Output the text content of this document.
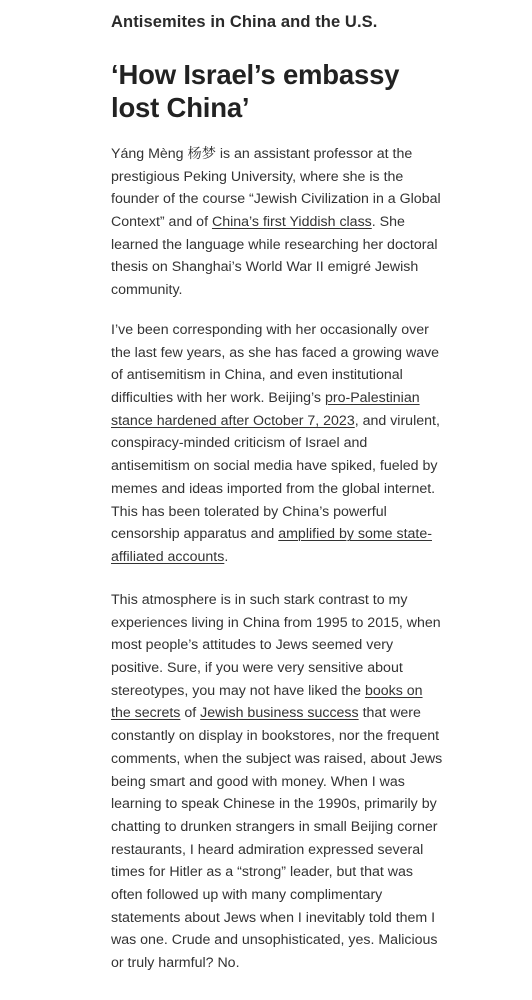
Antisemites in China and the U.S.
‘How Israel’s embassy
lost China’

Yáng Mèng 杨梦 is an assistant professor at the
prestigious Peking University, where she is the
founder of the course “Jewish Civilization in a Global
Context” and of China’s first Yiddish class. She
learned the language while researching her doctoral
thesis on Shanghai’s World War II emigré Jewish
community.

I’ve been corresponding with her occasionally over
the last few years, as she has faced a growing wave
of antisemitism in China, and even institutional
difficulties with her work. Beijing’s pro-Palestinian
stance hardened after October 7, 2023, and virulent,
conspiracy-minded criticism of Israel and
antisemitism on social media have spiked, fueled by
memes and ideas imported from the global internet.
This has been tolerated by China’s powerful
censorship apparatus and amplified by some state-
affiliated accounts.

This atmosphere is in such stark contrast to my
experiences living in China from 1995 to 2015, when
most people’s attitudes to Jews seemed very
positive. Sure, if you were very sensitive about
stereotypes, you may not have liked the books on
the secrets of Jewish business success that were
constantly on display in bookstores, nor the frequent
comments, when the subject was raised, about Jews
being smart and good with money. When I was
learning to speak Chinese in the 1990s, primarily by
chatting to drunken strangers in small Beijing corner
restaurants, I heard admiration expressed several
times for Hitler as a “strong” leader, but that was
often followed up with many complimentary
statements about Jews when I inevitably told them I
was one. Crude and unsophisticated, yes. Malicious
or truly harmful? No.
